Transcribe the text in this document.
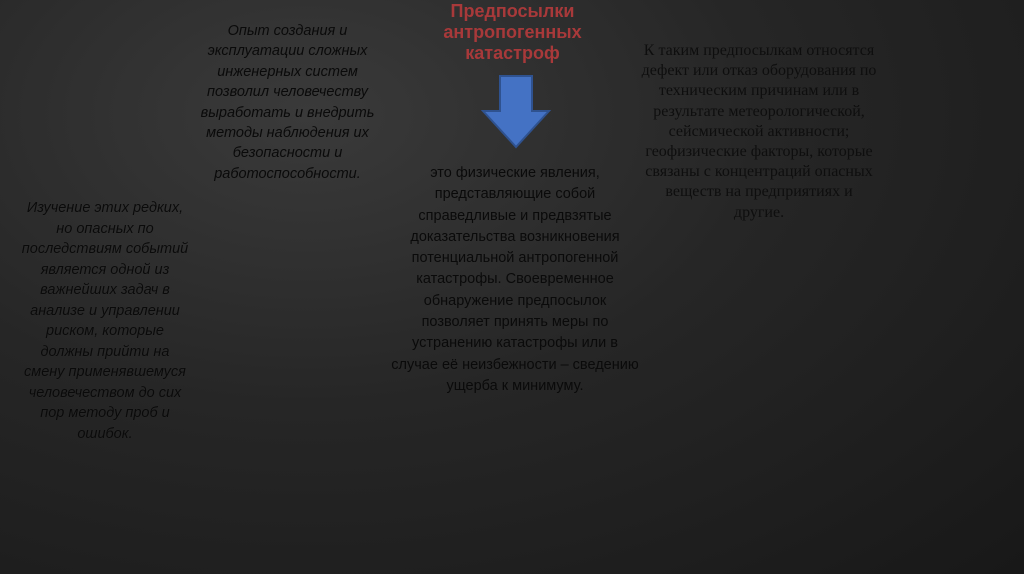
Предпосылки антропогенных катастроф
Опыт создания и эксплуатации сложных инженерных систем позволил человечеству выработать и внедрить методы наблюдения их безопасности и работоспособности.
Изучение этих редких, но опасных по последствиям событий является одной из важнейших задач в анализе и управлении риском, которые должны прийти на смену применявшемуся человечеством до сих пор методу проб и ошибок.
это физические явления, представляющие собой справедливые и предвзятые доказательства возникновения потенциальной антропогенной катастрофы. Своевременное обнаружение предпосылок позволяет принять меры по устранению катастрофы или в случае её неизбежности – сведению ущерба к минимуму.
К таким предпосылкам относятся дефект или отказ оборудования по техническим причинам или в результате метеорологической, сейсмической активности; геофизические факторы, которые связаны с концентраций опасных веществ на предприятиях и другие.
